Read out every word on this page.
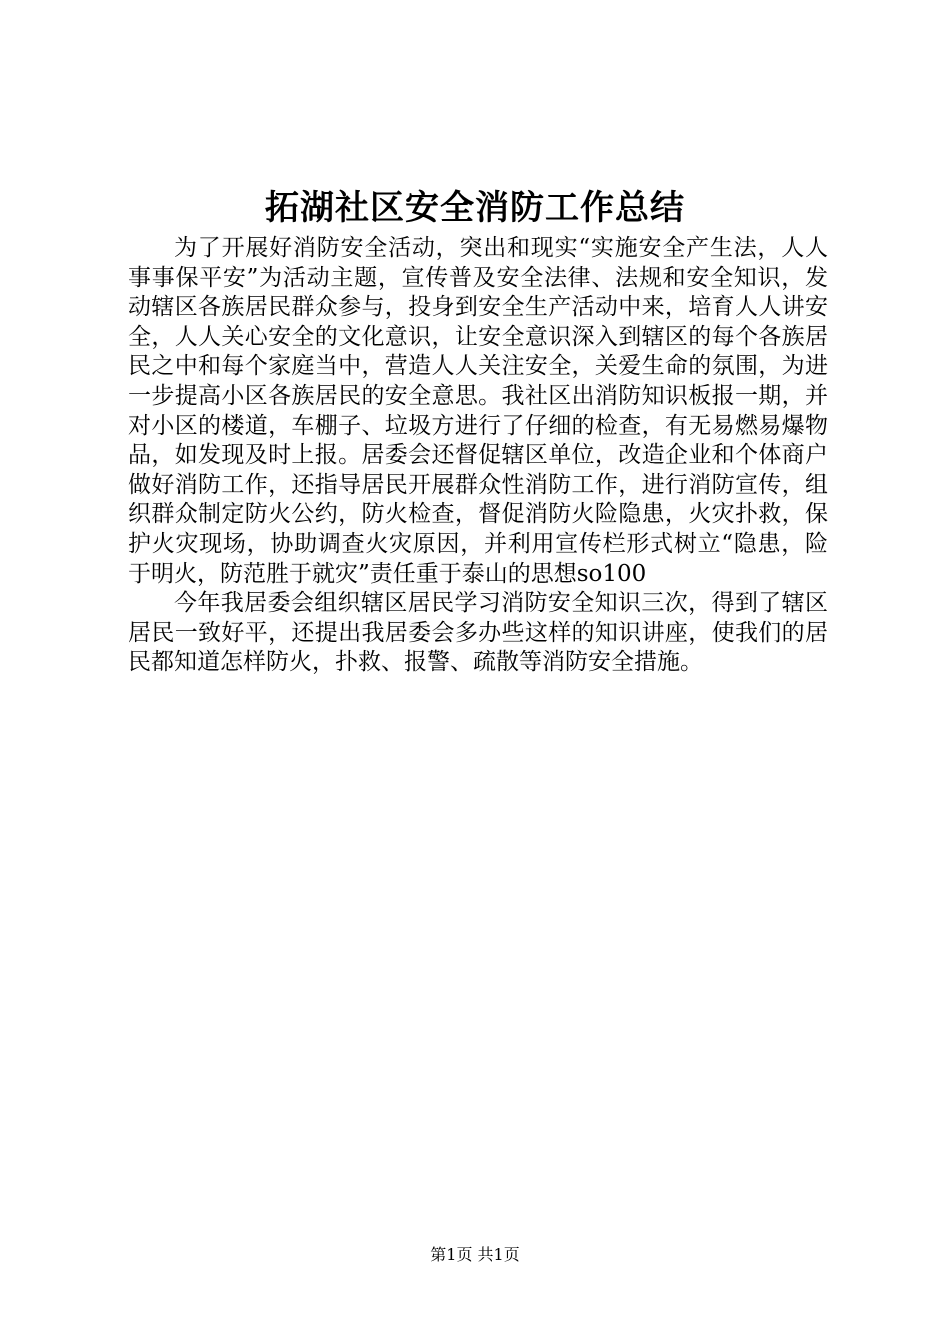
拓湖社区安全消防工作总结

为了开展好消防安全活动，突出和现实“实施安全产生法，人人事事保平安”为活动主题，宣传普及安全法律、法规和安全知识，发动辖区各族居民群众参与，投身到安全生产活动中来，培育人人讲安全，人人关心安全的文化意识，让安全意识深入到辖区的每个各族居民之中和每个家庭当中，营造人人关注安全，关爱生命的氛围，为进一步提高小区各族居民的安全意思。我社区出消防知识板报一期，并对小区的楼道，车棚子、垃圾方进行了仔细的检查，有无易燃易爆物品，如发现及时上报。居委会还督促辖区单位，改造企业和个体商户做好消防工作，还指导居民开展群众性消防工作，进行消防宣传，组织群众制定防火公约，防火检查，督促消防火险隐患，火灾扑救，保护火灾现场，协助调查火灾原因，并利用宣传栏形式树立“隐患，险于明火，防范胜于就灾”责任重于泰山的思想so100

今年我居委会组织辖区居民学习消防安全知识三次，得到了辖区居民一致好平，还提出我居委会多办些这样的知识讲座，使我们的居民都知道怎样防火，扑救、报警、疏散等消防安全措施。

第1页 共1页
